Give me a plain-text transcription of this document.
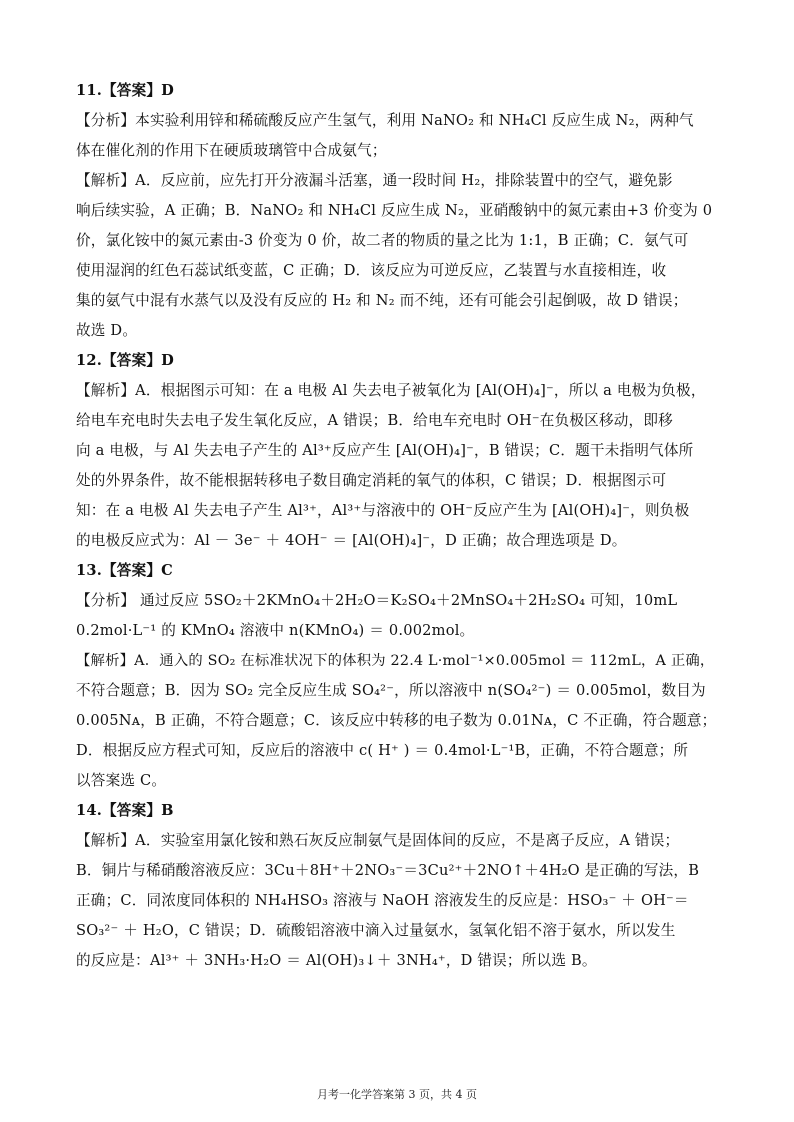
11.【答案】D
【分析】本实验利用锌和稀硫酸反应产生氢气，利用 NaNO₂ 和 NH₄Cl 反应生成 N₂，两种气
体在催化剂的作用下在硬质玻璃管中合成氨气；
【解析】A．反应前，应先打开分液漏斗活塞，通一段时间 H₂，排除装置中的空气，避免影
响后续实验，A 正确；B．NaNO₂ 和 NH₄Cl 反应生成 N₂，亚硝酸钠中的氮元素由+3 价变为 0
价，氯化铵中的氮元素由-3 价变为 0 价，故二者的物质的量之比为 1:1，B 正确；C．氨气可
使用湿润的红色石蕊试纸变蓝，C 正确；D．该反应为可逆反应，乙装置与水直接相连，收
集的氨气中混有水蒸气以及没有反应的 H₂ 和 N₂ 而不纯，还有可能会引起倒吸，故 D 错误；
故选 D。
12.【答案】D
【解析】A．根据图示可知：在 a 电极 Al 失去电子被氧化为 [Al(OH)₄]⁻，所以 a 电极为负极，
给电车充电时失去电子发生氧化反应，A 错误；B．给电车充电时 OH⁻在负极区移动，即移
向 a 电极，与 Al 失去电子产生的 Al³⁺反应产生 [Al(OH)₄]⁻，B 错误；C．题干未指明气体所
处的外界条件，故不能根据转移电子数目确定消耗的氧气的体积，C 错误；D．根据图示可
知：在 a 电极 Al 失去电子产生 Al³⁺，Al³⁺与溶液中的 OH⁻反应产生为 [Al(OH)₄]⁻，则负极
的电极反应式为：Al － 3e⁻ ＋ 4OH⁻ ＝ [Al(OH)₄]⁻，D 正确；故合理选项是 D。
13.【答案】C
【分析】 通过反应 5SO₂＋2KMnO₄＋2H₂O＝K₂SO₄＋2MnSO₄＋2H₂SO₄ 可知，10mL
0.2mol·L⁻¹ 的 KMnO₄ 溶液中 n(KMnO₄) ＝ 0.002mol。
【解析】A．通入的 SO₂ 在标准状况下的体积为 22.4 L·mol⁻¹×0.005mol ＝ 112mL，A 正确，
不符合题意；B．因为 SO₂ 完全反应生成 SO₄²⁻，所以溶液中 n(SO₄²⁻) ＝ 0.005mol，数目为
0.005Nᴀ，B 正确，不符合题意；C．该反应中转移的电子数为 0.01Nᴀ，C 不正确，符合题意；
D．根据反应方程式可知，反应后的溶液中 c( H⁺ ) ＝ 0.4mol·L⁻¹B，正确，不符合题意；所
以答案选 C。
14.【答案】B
【解析】A．实验室用氯化铵和熟石灰反应制氨气是固体间的反应，不是离子反应，A 错误；
B．铜片与稀硝酸溶液反应：3Cu＋8H⁺＋2NO₃⁻＝3Cu²⁺＋2NO↑＋4H₂O 是正确的写法，B
正确；C．同浓度同体积的 NH₄HSO₃ 溶液与 NaOH 溶液发生的反应是：HSO₃⁻ ＋ OH⁻＝
SO₃²⁻ ＋ H₂O，C 错误；D．硫酸铝溶液中滴入过量氨水，氢氧化铝不溶于氨水，所以发生
的反应是：Al³⁺ ＋ 3NH₃·H₂O ＝ Al(OH)₃↓＋ 3NH₄⁺，D 错误；所以选 B。
月考一化学答案第 3 页，共 4 页
